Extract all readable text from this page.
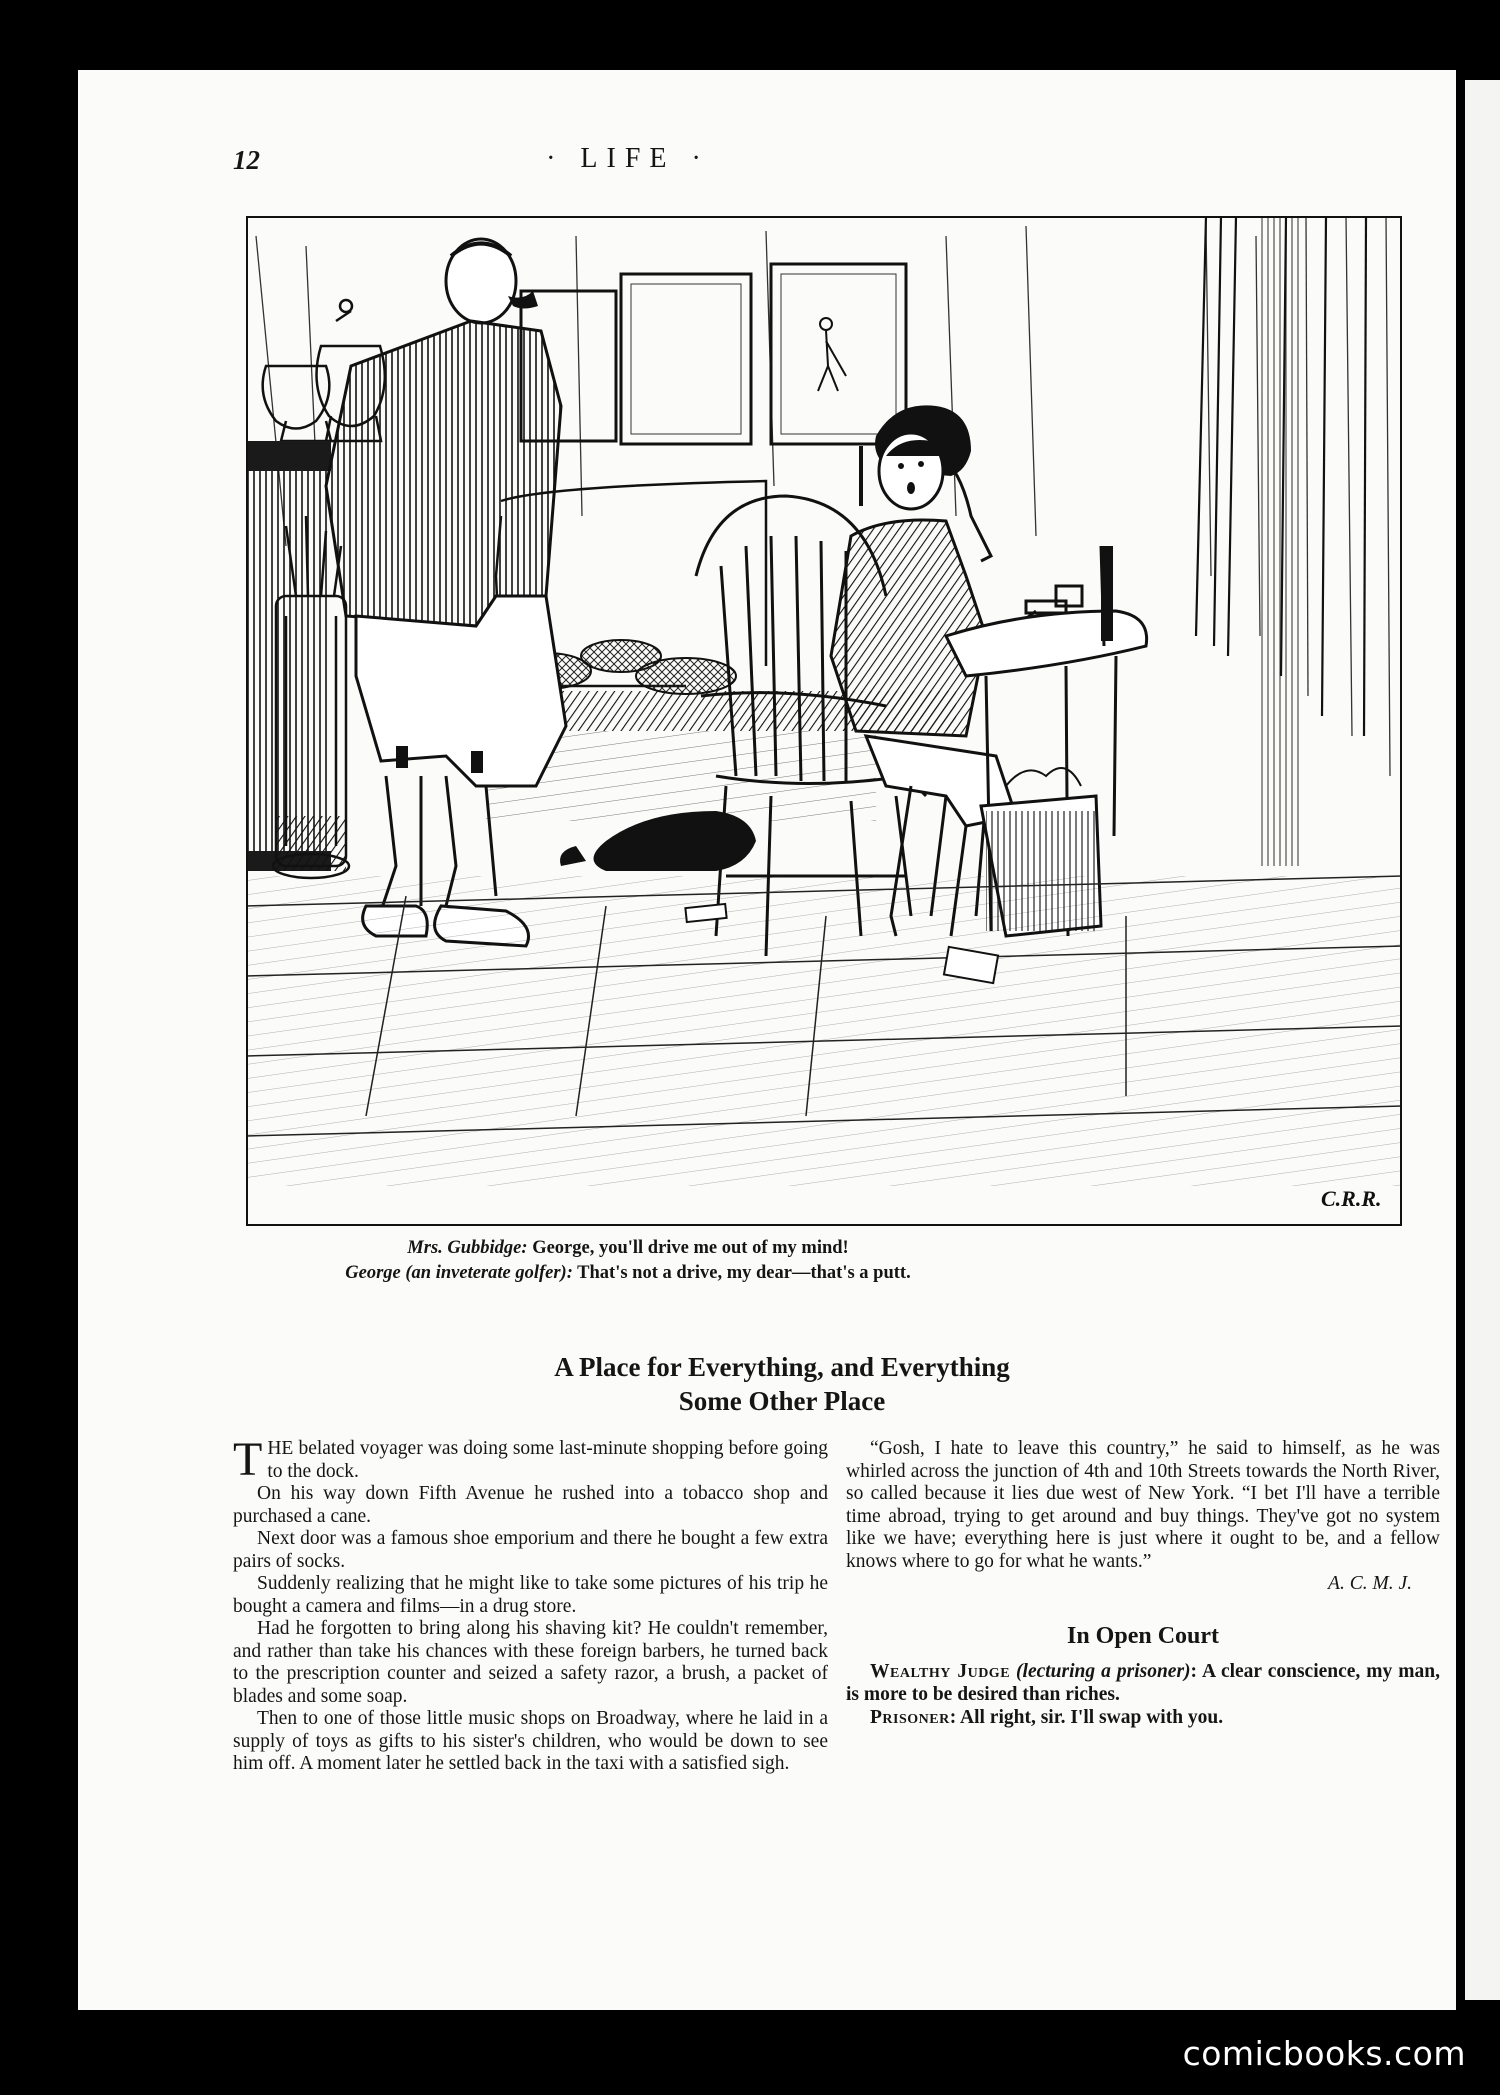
12	· LIFE ·
C.R.R.
Mrs. Gubbidge: George, you'll drive me out of my mind!
George (an inveterate golfer): That's not a drive, my dear—that's a putt.
A Place for Everything, and Everything
Some Other Place

THE belated voyager was doing some last-minute shopping before going to the dock.

On his way down Fifth Avenue he rushed into a tobacco shop and purchased a cane.

Next door was a famous shoe emporium and there he bought a few extra pairs of socks.

Suddenly realizing that he might like to take some pictures of his trip he bought a camera and films—in a drug store.

Had he forgotten to bring along his shaving kit? He couldn't remember, and rather than take his chances with these foreign barbers, he turned back to the prescription counter and seized a safety razor, a brush, a packet of blades and some soap.

Then to one of those little music shops on Broadway, where he laid in a supply of toys as gifts to his sister's children, who would be down to see him off. A moment later he settled back in the taxi with a satisfied sigh.

“Gosh, I hate to leave this country,” he said to himself, as he was whirled across the junction of 4th and 10th Streets towards the North River, so called because it lies due west of New York. “I bet I'll have a terrible time abroad, trying to get around and buy things. They've got no system like we have; everything here is just where it ought to be, and a fellow knows where to go for what he wants.”

A. C. M. J.
In Open Court

Wealthy Judge (lecturing a prisoner): A clear conscience, my man, is more to be desired than riches.

Prisoner: All right, sir. I'll swap with you.

comicbooks.com
